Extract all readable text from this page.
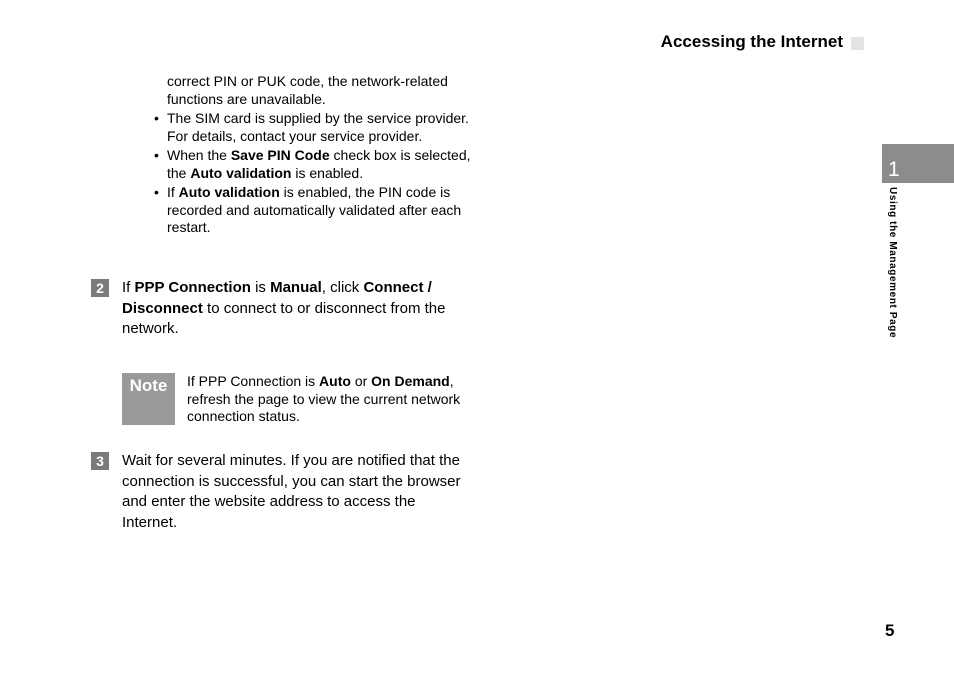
Accessing the Internet
1
Using the Management Page
correct PIN or PUK code, the network-related functions are unavailable.
• The SIM card is supplied by the service provider. For details, contact your service provider.
• When the Save PIN Code check box is selected, the Auto validation is enabled.
• If Auto validation is enabled, the PIN code is recorded and automatically validated after each restart.
2	If PPP Connection is Manual, click Connect / Disconnect to connect to or disconnect from the network.
Note	If PPP Connection is Auto or On Demand, refresh the page to view the current network connection status.
3	Wait for several minutes. If you are notified that the connection is successful, you can start the browser and enter the website address to access the Internet.
5
